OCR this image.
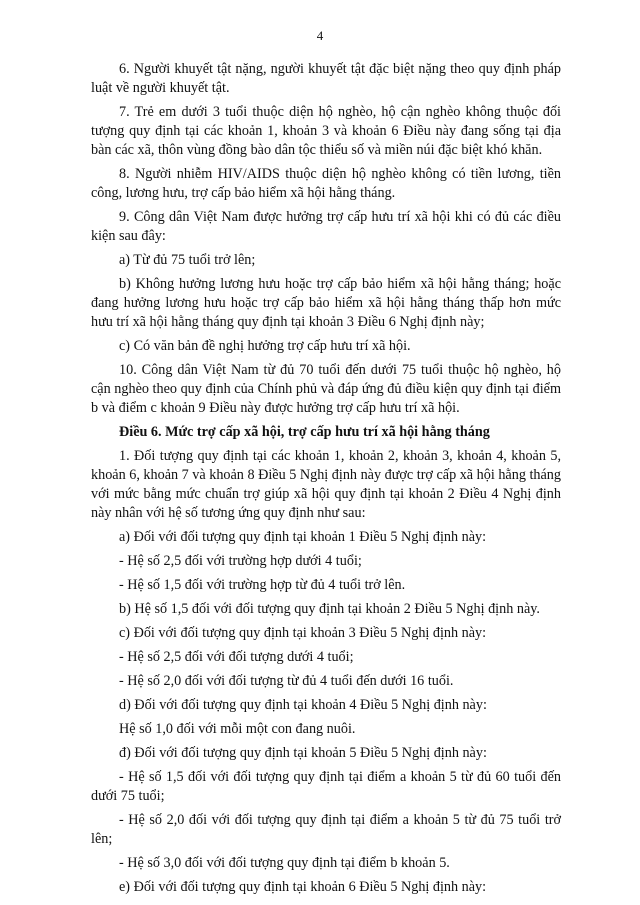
4

6. Người khuyết tật nặng, người khuyết tật đặc biệt nặng theo quy định pháp luật về người khuyết tật.

7. Trẻ em dưới 3 tuổi thuộc diện hộ nghèo, hộ cận nghèo không thuộc đối tượng quy định tại các khoản 1, khoản 3 và khoản 6 Điều này đang sống tại địa bàn các xã, thôn vùng đồng bào dân tộc thiểu số và miền núi đặc biệt khó khăn.

8. Người nhiễm HIV/AIDS thuộc diện hộ nghèo không có tiền lương, tiền công, lương hưu, trợ cấp bảo hiểm xã hội hằng tháng.

9. Công dân Việt Nam được hưởng trợ cấp hưu trí xã hội khi có đủ các điều kiện sau đây:

a) Từ đủ 75 tuổi trở lên;

b) Không hưởng lương hưu hoặc trợ cấp bảo hiểm xã hội hằng tháng; hoặc đang hưởng lương hưu hoặc trợ cấp bảo hiểm xã hội hằng tháng thấp hơn mức hưu trí xã hội hằng tháng quy định tại khoản 3 Điều 6 Nghị định này;

c) Có văn bản đề nghị hưởng trợ cấp hưu trí xã hội.

10. Công dân Việt Nam từ đủ 70 tuổi đến dưới 75 tuổi thuộc hộ nghèo, hộ cận nghèo theo quy định của Chính phủ và đáp ứng đủ điều kiện quy định tại điểm b và điểm c khoản 9 Điều này được hưởng trợ cấp hưu trí xã hội.

Điều 6. Mức trợ cấp xã hội, trợ cấp hưu trí xã hội hằng tháng

1. Đối tượng quy định tại các khoản 1, khoản 2, khoản 3, khoản 4, khoản 5, khoản 6, khoản 7 và khoản 8 Điều 5 Nghị định này được trợ cấp xã hội hằng tháng với mức bằng mức chuẩn trợ giúp xã hội quy định tại khoản 2 Điều 4 Nghị định này nhân với hệ số tương ứng quy định như sau:

a) Đối với đối tượng quy định tại khoản 1 Điều 5 Nghị định này:

- Hệ số 2,5 đối với trường hợp dưới 4 tuổi;

- Hệ số 1,5 đối với trường hợp từ đủ 4 tuổi trở lên.

b) Hệ số 1,5 đối với đối tượng quy định tại khoản 2 Điều 5 Nghị định này.

c) Đối với đối tượng quy định tại khoản 3 Điều 5 Nghị định này:

- Hệ số 2,5 đối với đối tượng dưới 4 tuổi;

- Hệ số 2,0 đối với đối tượng từ đủ 4 tuổi đến dưới 16 tuổi.

d) Đối với đối tượng quy định tại khoản 4 Điều 5 Nghị định này:

Hệ số 1,0 đối với mỗi một con đang nuôi.

đ) Đối với đối tượng quy định tại khoản 5 Điều 5 Nghị định này:

- Hệ số 1,5 đối với đối tượng quy định tại điểm a khoản 5 từ đủ 60 tuổi đến dưới 75 tuổi;

- Hệ số 2,0 đối với đối tượng quy định tại điểm a khoản 5 từ đủ 75 tuổi trở lên;

- Hệ số 3,0 đối với đối tượng quy định tại điểm b khoản 5.

e) Đối với đối tượng quy định tại khoản 6 Điều 5 Nghị định này:
